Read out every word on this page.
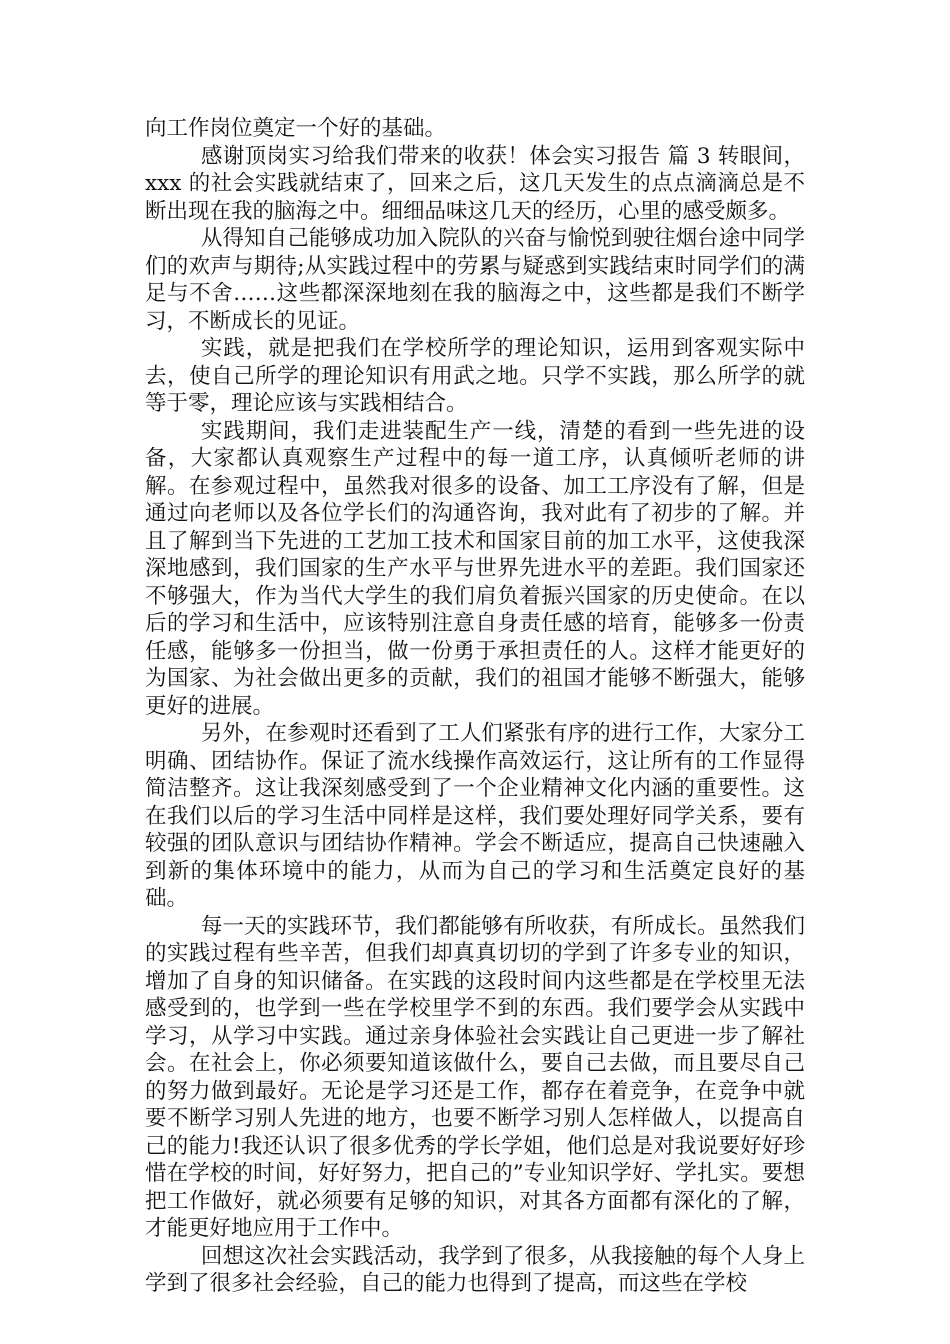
向工作岗位奠定一个好的基础。

感谢顶岗实习给我们带来的收获！体会实习报告 篇 3 转眼间，xxx 的社会实践就结束了，回来之后，这几天发生的点点滴滴总是不断出现在我的脑海之中。细细品味这几天的经历，心里的感受颇多。

从得知自己能够成功加入院队的兴奋与愉悦到驶往烟台途中同学们的欢声与期待;从实践过程中的劳累与疑惑到实践结束时同学们的满足与不舍……这些都深深地刻在我的脑海之中，这些都是我们不断学习，不断成长的见证。

实践，就是把我们在学校所学的理论知识，运用到客观实际中去，使自己所学的理论知识有用武之地。只学不实践，那么所学的就等于零，理论应该与实践相结合。

实践期间，我们走进装配生产一线，清楚的看到一些先进的设备，大家都认真观察生产过程中的每一道工序，认真倾听老师的讲解。在参观过程中，虽然我对很多的设备、加工工序没有了解，但是通过向老师以及各位学长们的沟通咨询，我对此有了初步的了解。并且了解到当下先进的工艺加工技术和国家目前的加工水平，这使我深深地感到，我们国家的生产水平与世界先进水平的差距。我们国家还不够强大，作为当代大学生的我们肩负着振兴国家的历史使命。在以后的学习和生活中，应该特别注意自身责任感的培育，能够多一份责任感，能够多一份担当，做一份勇于承担责任的人。这样才能更好的为国家、为社会做出更多的贡献，我们的祖国才能够不断强大，能够更好的进展。

另外，在参观时还看到了工人们紧张有序的进行工作，大家分工明确、团结协作。保证了流水线操作高效运行，这让所有的工作显得简洁整齐。这让我深刻感受到了一个企业精神文化内涵的重要性。这在我们以后的学习生活中同样是这样，我们要处理好同学关系，要有较强的团队意识与团结协作精神。学会不断适应，提高自己快速融入到新的集体环境中的能力，从而为自己的学习和生活奠定良好的基础。

每一天的实践环节，我们都能够有所收获，有所成长。虽然我们的实践过程有些辛苦，但我们却真真切切的学到了许多专业的知识，增加了自身的知识储备。在实践的这段时间内这些都是在学校里无法感受到的，也学到一些在学校里学不到的东西。我们要学会从实践中学习，从学习中实践。通过亲身体验社会实践让自己更进一步了解社会。在社会上，你必须要知道该做什么，要自己去做，而且要尽自己的努力做到最好。无论是学习还是工作，都存在着竞争，在竞争中就要不断学习别人先进的地方，也要不断学习别人怎样做人，以提高自己的能力!我还认识了很多优秀的学长学姐，他们总是对我说要好好珍惜在学校的时间，好好努力，把自己的”专业知识学好、学扎实。要想把工作做好，就必须要有足够的知识，对其各方面都有深化的了解，才能更好地应用于工作中。

回想这次社会实践活动，我学到了很多，从我接触的每个人身上学到了很多社会经验，自己的能力也得到了提高，而这些在学校
